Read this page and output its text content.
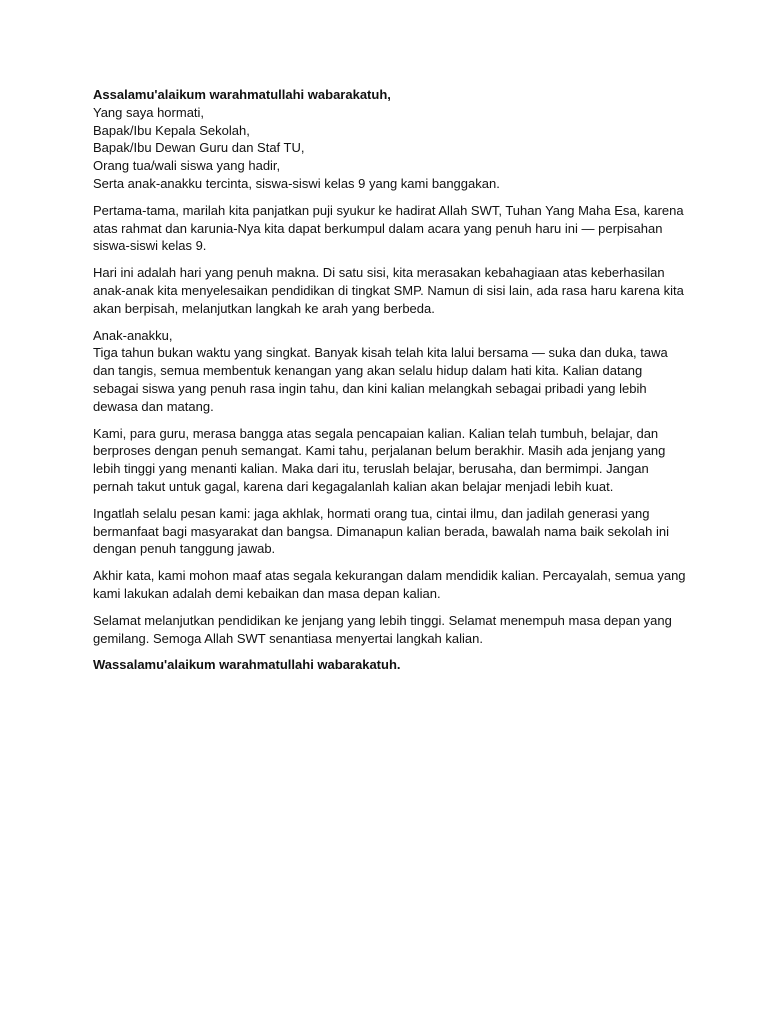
Assalamu'alaikum warahmatullahi wabarakatuh,
Yang saya hormati,
Bapak/Ibu Kepala Sekolah,
Bapak/Ibu Dewan Guru dan Staf TU,
Orang tua/wali siswa yang hadir,
Serta anak-anakku tercinta, siswa-siswi kelas 9 yang kami banggakan.
Pertama-tama, marilah kita panjatkan puji syukur ke hadirat Allah SWT, Tuhan Yang Maha Esa, karena
atas rahmat dan karunia-Nya kita dapat berkumpul dalam acara yang penuh haru ini — perpisahan
siswa-siswi kelas 9.
Hari ini adalah hari yang penuh makna. Di satu sisi, kita merasakan kebahagiaan atas keberhasilan
anak-anak kita menyelesaikan pendidikan di tingkat SMP. Namun di sisi lain, ada rasa haru karena kita
akan berpisah, melanjutkan langkah ke arah yang berbeda.
Anak-anakku,
Tiga tahun bukan waktu yang singkat. Banyak kisah telah kita lalui bersama — suka dan duka, tawa
dan tangis, semua membentuk kenangan yang akan selalu hidup dalam hati kita. Kalian datang
sebagai siswa yang penuh rasa ingin tahu, dan kini kalian melangkah sebagai pribadi yang lebih
dewasa dan matang.
Kami, para guru, merasa bangga atas segala pencapaian kalian. Kalian telah tumbuh, belajar, dan
berproses dengan penuh semangat. Kami tahu, perjalanan belum berakhir. Masih ada jenjang yang
lebih tinggi yang menanti kalian. Maka dari itu, teruslah belajar, berusaha, dan bermimpi. Jangan
pernah takut untuk gagal, karena dari kegagalanlah kalian akan belajar menjadi lebih kuat.
Ingatlah selalu pesan kami: jaga akhlak, hormati orang tua, cintai ilmu, dan jadilah generasi yang
bermanfaat bagi masyarakat dan bangsa. Dimanapun kalian berada, bawalah nama baik sekolah ini
dengan penuh tanggung jawab.
Akhir kata, kami mohon maaf atas segala kekurangan dalam mendidik kalian. Percayalah, semua yang
kami lakukan adalah demi kebaikan dan masa depan kalian.
Selamat melanjutkan pendidikan ke jenjang yang lebih tinggi. Selamat menempuh masa depan yang
gemilang. Semoga Allah SWT senantiasa menyertai langkah kalian.
Wassalamu'alaikum warahmatullahi wabarakatuh.
